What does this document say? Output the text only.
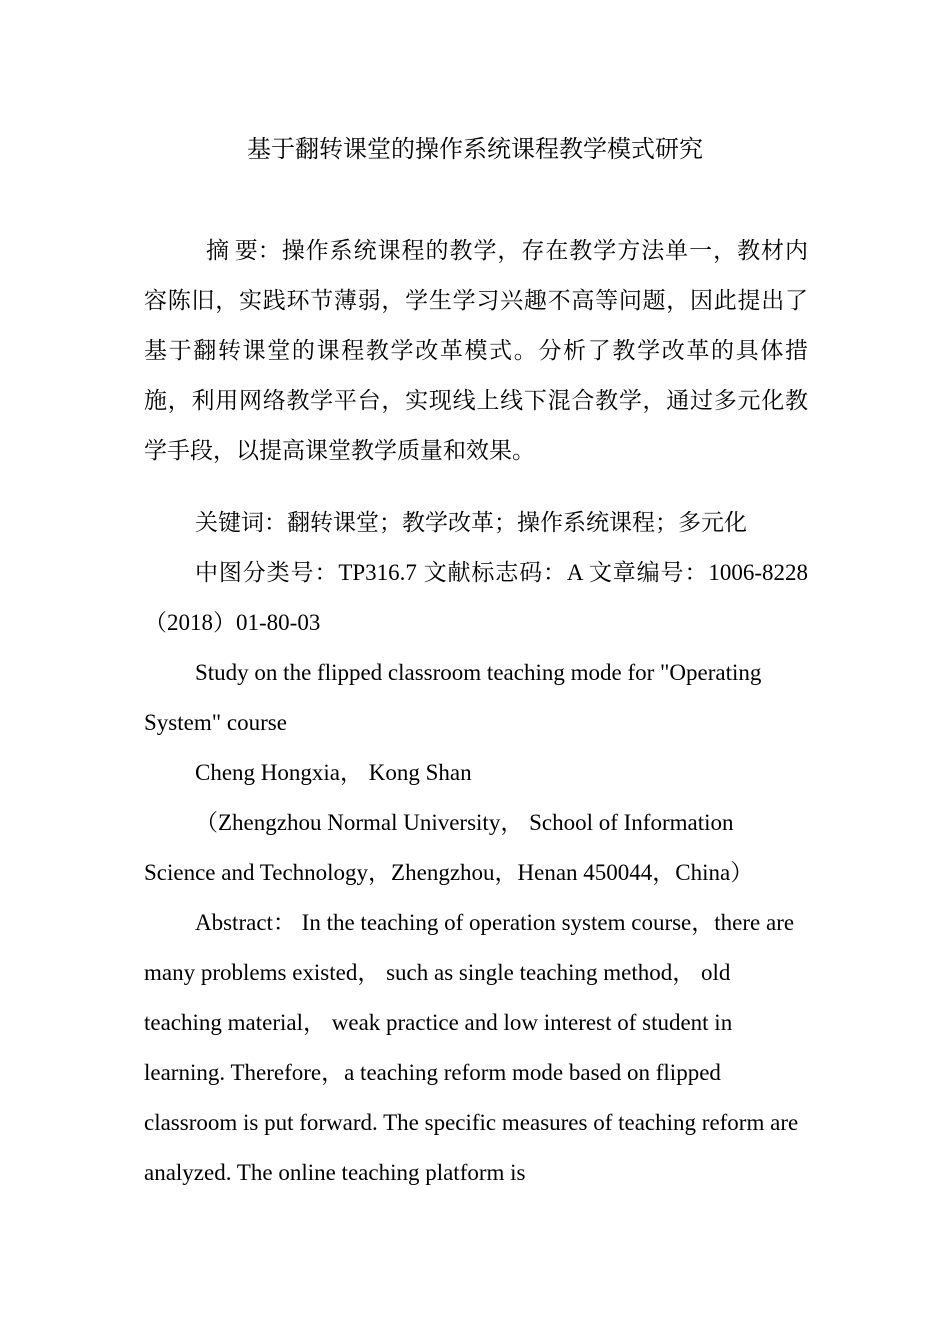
基于翻转课堂的操作系统课程教学模式研究
摘 要：操作系统课程的教学，存在教学方法单一，教材内容陈旧，实践环节薄弱，学生学习兴趣不高等问题，因此提出了基于翻转课堂的课程教学改革模式。分析了教学改革的具体措施，利用网络教学平台，实现线上线下混合教学，通过多元化教学手段，以提高课堂教学质量和效果。

关键词：翻转课堂；教学改革；操作系统课程；多元化

中图分类号：TP316.7 文献标志码：A 文章编号：1006-8228（2018）01-80-03

Study on the flipped classroom teaching mode for "Operating System" course

Cheng Hongxia， Kong Shan

（Zhengzhou Normal University， School of Information Science and Technology，Zhengzhou，Henan 450044，China）

Abstract： In the teaching of operation system course，there are many problems existed， such as single teaching method， old teaching material， weak practice and low interest of student in learning. Therefore，a teaching reform mode based on flipped classroom is put forward. The specific measures of teaching reform are analyzed. The online teaching platform is
